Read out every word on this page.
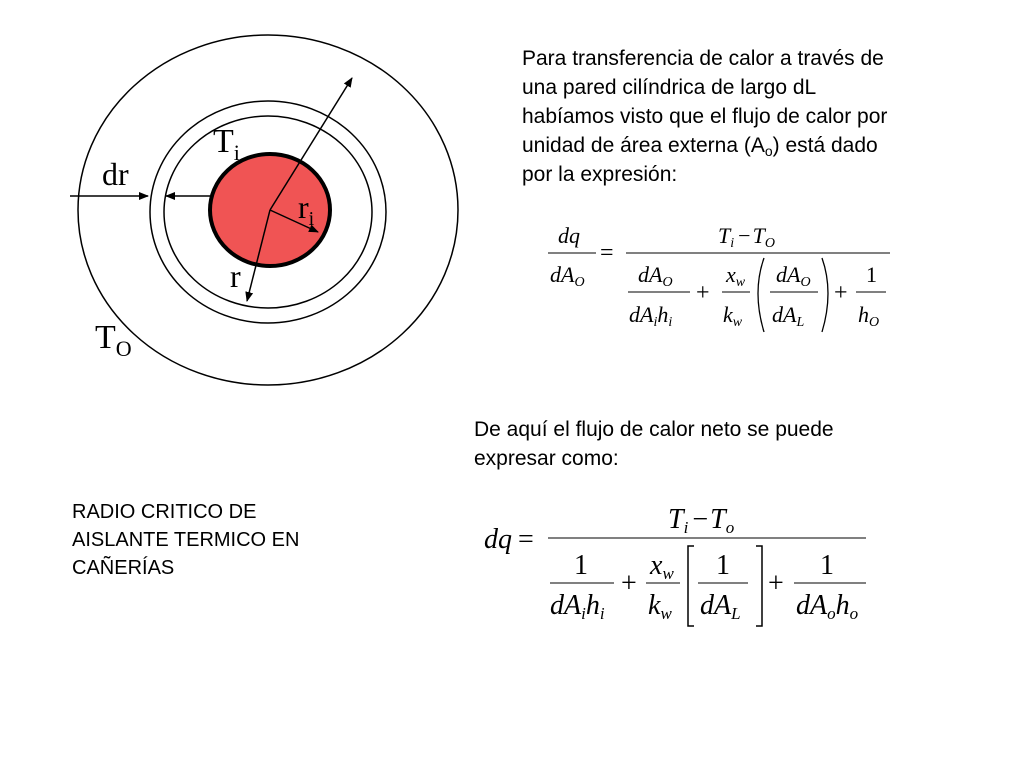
$T_i$
dr
$r_i$
r
$T_O$
dq
dAO
=
Ti −TO
dAO
dAihi
+
xw
kw
dAO
dAL
+
1
hO
dq =
Ti −To
1
dAihi
+
xw
kw
1
dAL
+
1
dAoho
Para transferencia de calor a través de
una pared cilíndrica de largo dL
habíamos visto que el flujo de calor por
unidad de área externa $(A_o)$ está dado
por la expresión:
De aquí el flujo de calor neto se puede
expresar como:
RADIO CRITICO DE
AISLANTE TERMICO EN
CAÑERÍAS
